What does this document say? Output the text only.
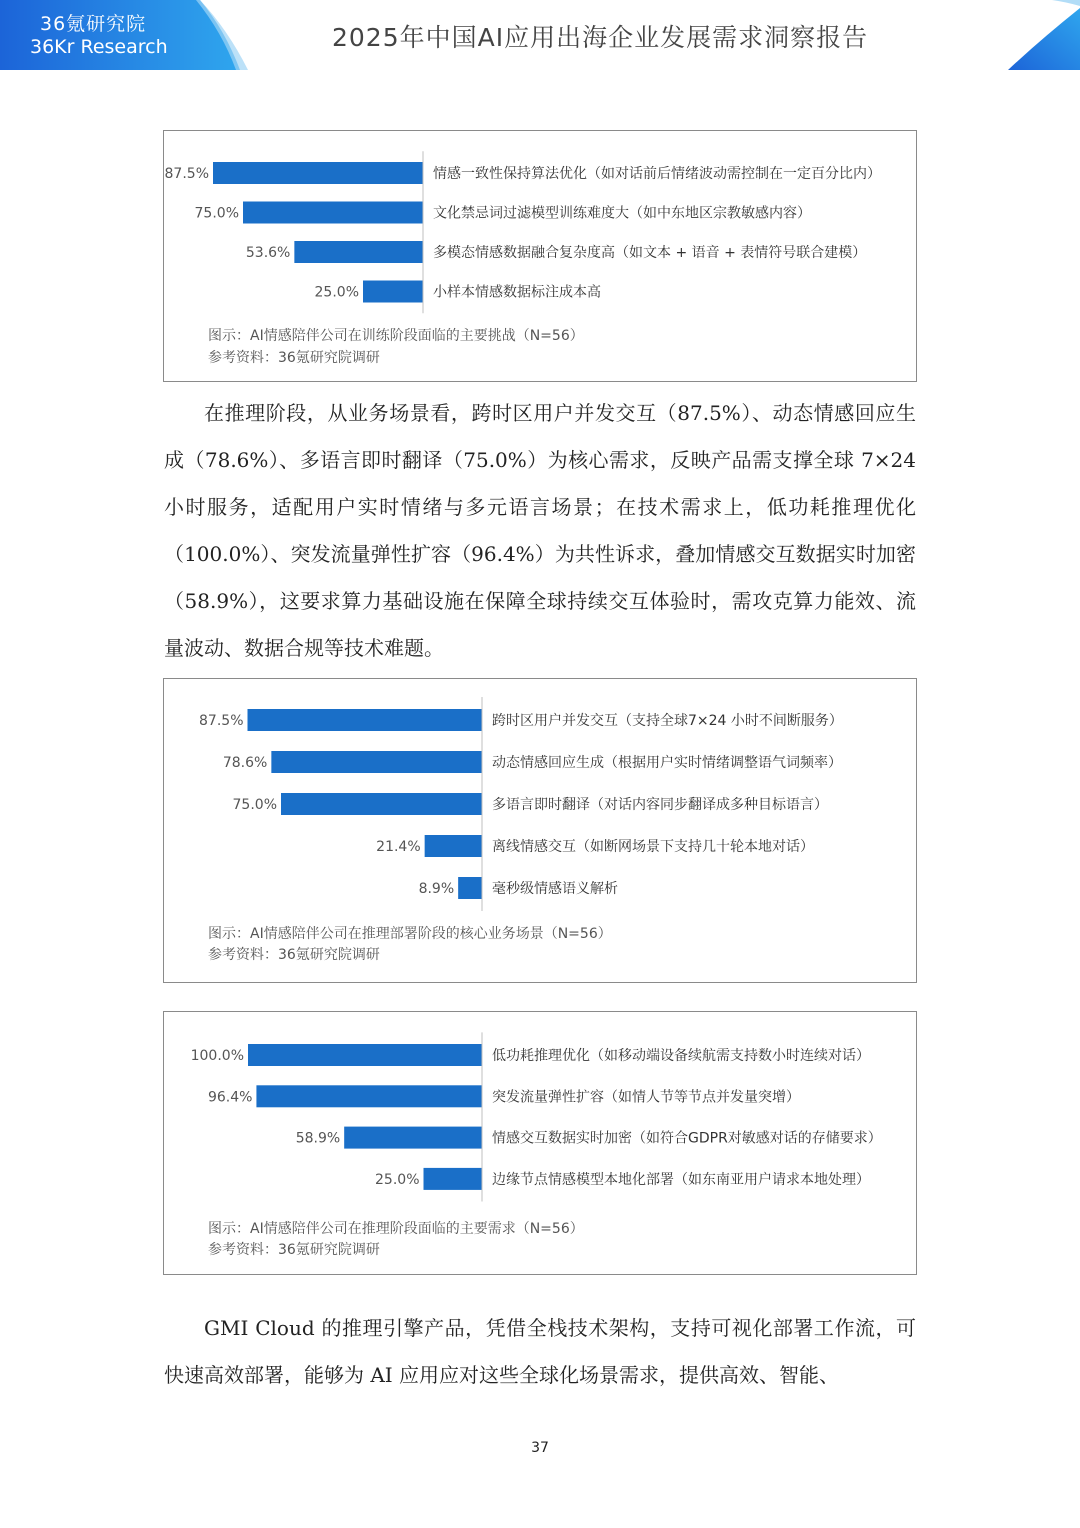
36氪研究院
36Kr Research	2025年中国AI应用出海企业发展需求洞察报告
87.5%	情感一致性保持算法优化（如对话前后情绪波动需控制在一定百分比内）
75.0%	文化禁忌词过滤模型训练难度大（如中东地区宗教敏感内容）
53.6%	多模态情感数据融合复杂度高（如文本 + 语音 + 表情符号联合建模）
25.0%	小样本情感数据标注成本高
图示：AI情感陪伴公司在训练阶段面临的主要挑战（N=56）
参考资料：36氪研究院调研

在推理阶段，从业务场景看，跨时区用户并发交互（87.5%）、动态情感回应生成（78.6%）、多语言即时翻译（75.0%）为核心需求，反映产品需支撑全球 7×24 小时服务，适配用户实时情绪与多元语言场景；在技术需求上，低功耗推理优化（100.0%）、突发流量弹性扩容（96.4%）为共性诉求，叠加情感交互数据实时加密（58.9%），这要求算力基础设施在保障全球持续交互体验时，需攻克算力能效、流量波动、数据合规等技术难题。

87.5%	跨时区用户并发交互（支持全球7×24 小时不间断服务）
78.6%	动态情感回应生成（根据用户实时情绪调整语气词频率）
75.0%	多语言即时翻译（对话内容同步翻译成多种目标语言）
21.4%	离线情感交互（如断网场景下支持几十轮本地对话）
8.9%	毫秒级情感语义解析
图示：AI情感陪伴公司在推理部署阶段的核心业务场景（N=56）
参考资料：36氪研究院调研
100.0%	低功耗推理优化（如移动端设备续航需支持数小时连续对话）
96.4%	突发流量弹性扩容（如情人节等节点并发量突增）
58.9%	情感交互数据实时加密（如符合GDPR对敏感对话的存储要求）
25.0%	边缘节点情感模型本地化部署（如东南亚用户请求本地处理）
图示：AI情感陪伴公司在推理阶段面临的主要需求（N=56）
参考资料：36氪研究院调研

GMI Cloud 的推理引擎产品，凭借全栈技术架构，支持可视化部署工作流，可快速高效部署，能够为 AI 应用应对这些全球化场景需求，提供高效、智能、

37
